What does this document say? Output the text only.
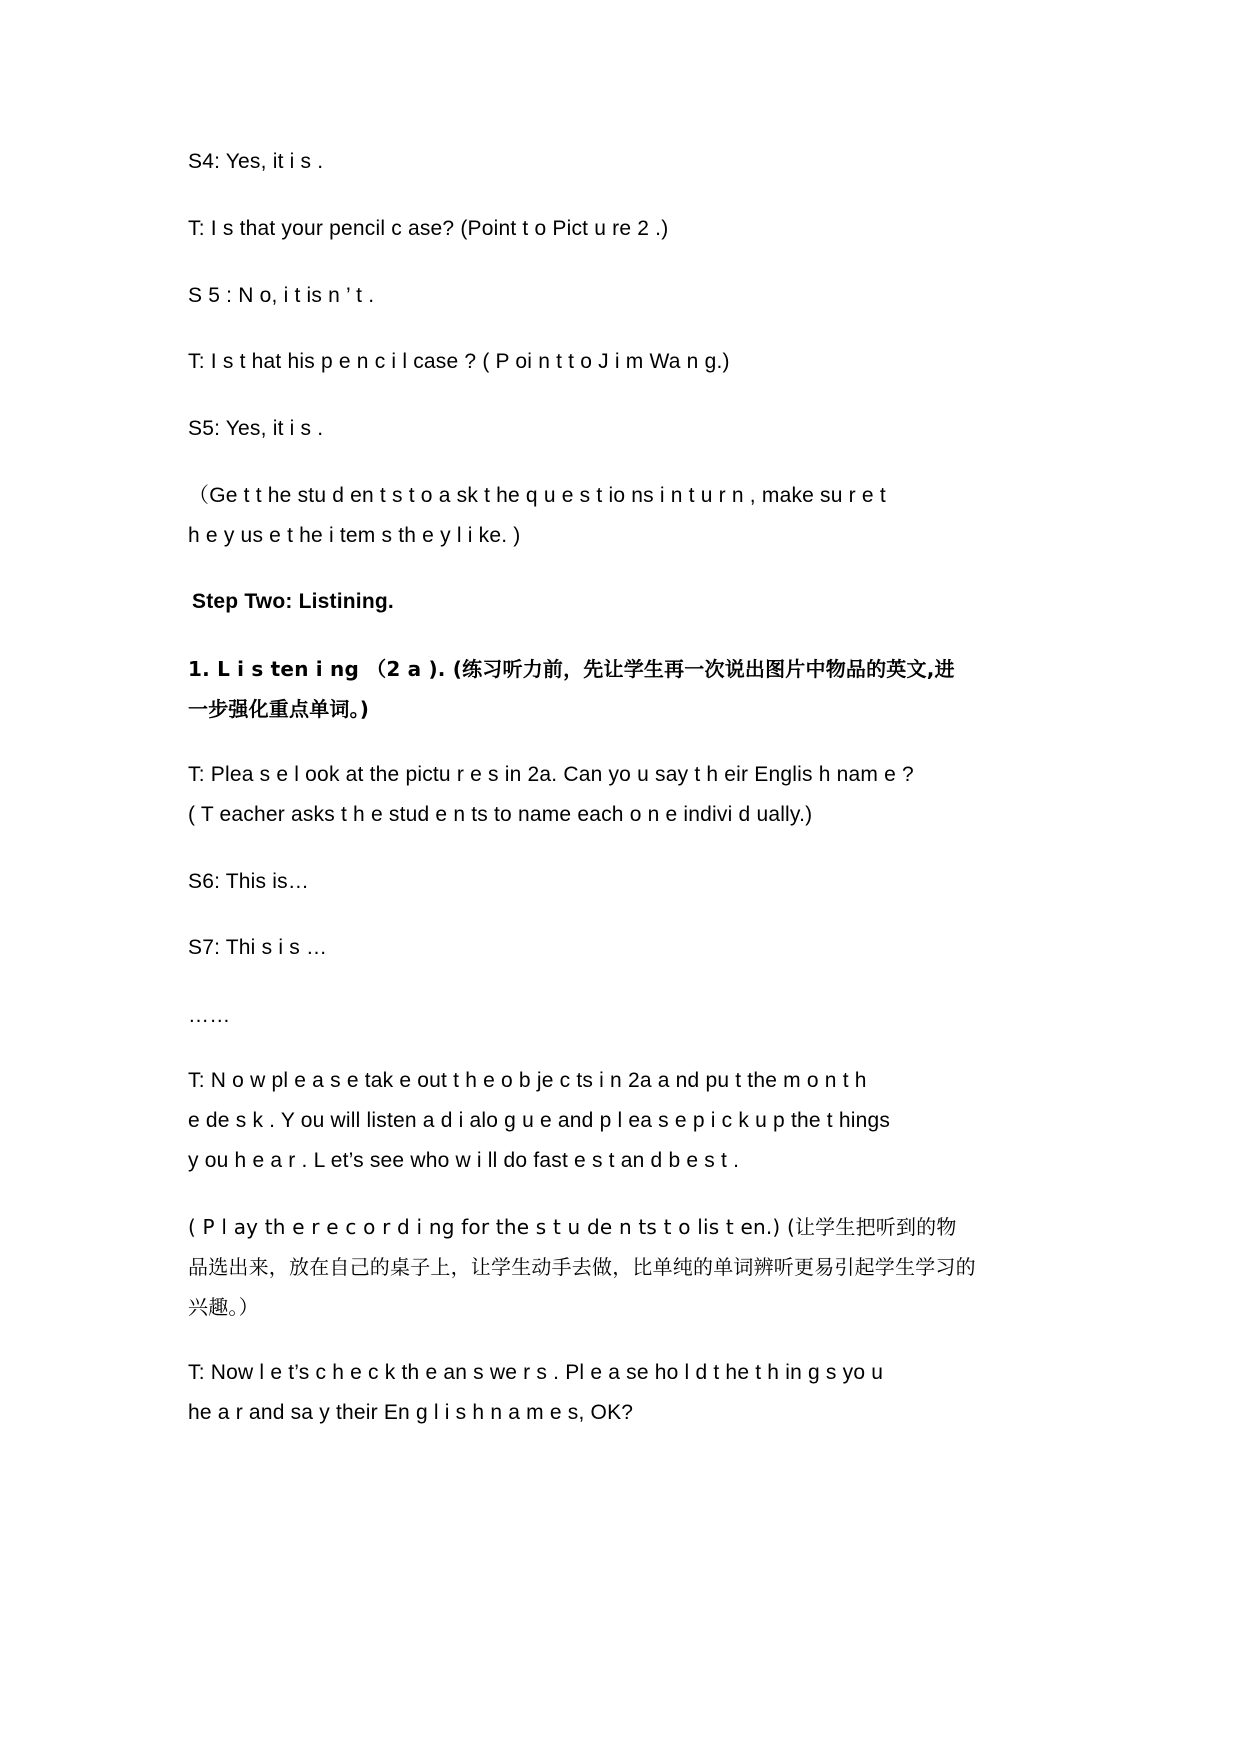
S4: Yes, it i s .
T: I s that your pencil c ase? (Point t o Pict u re 2 .)
S 5 : N o, i t is n ’ t .
T: I s t hat his p e n c i l case ? ( P oi n t t o J i m Wa n g.)
S5: Yes, it i s .
（Ge t t he stu d en t s t o a sk t he q u e s t io ns i n t u r n , make su r e t
h e y us e t he i tem s th e y l i ke. )
Step Two: Listining.
1. L i s ten i ng （2 a ). (练习听力前，先让学生再一次说出图片中物品的英文,进
一步强化重点单词。)
T: Plea s e l ook at the pictu r e s in 2a. Can yo u say t h eir Englis h nam e ?
( T eacher asks t h e stud e n ts to name each o n e indivi d ually.)
S6: This is…
S7: Thi s i s …
……
T: N o w pl e a s e tak e out t h e o b je c ts i n 2a a nd pu t the m o n t h
e de s k . Y ou will listen a d i alo g u e and p l ea s e p i c k u p the t hings
y ou h e a r . L et’s see who w i ll do fast e s t an d b e s t .
( P l ay th e r e c o r d i ng for the s t u de n ts t o lis t en.) (让学生把听到的物
品选出来，放在自己的桌子上，让学生动手去做，比单纯的单词辨听更易引起学生学习的
兴趣。）
T: Now l e t’s c h e c k th e an s we r s . Pl e a se ho l d t he t h in g s yo u
he a r and sa y their En g l i s h n a m e s, OK?
